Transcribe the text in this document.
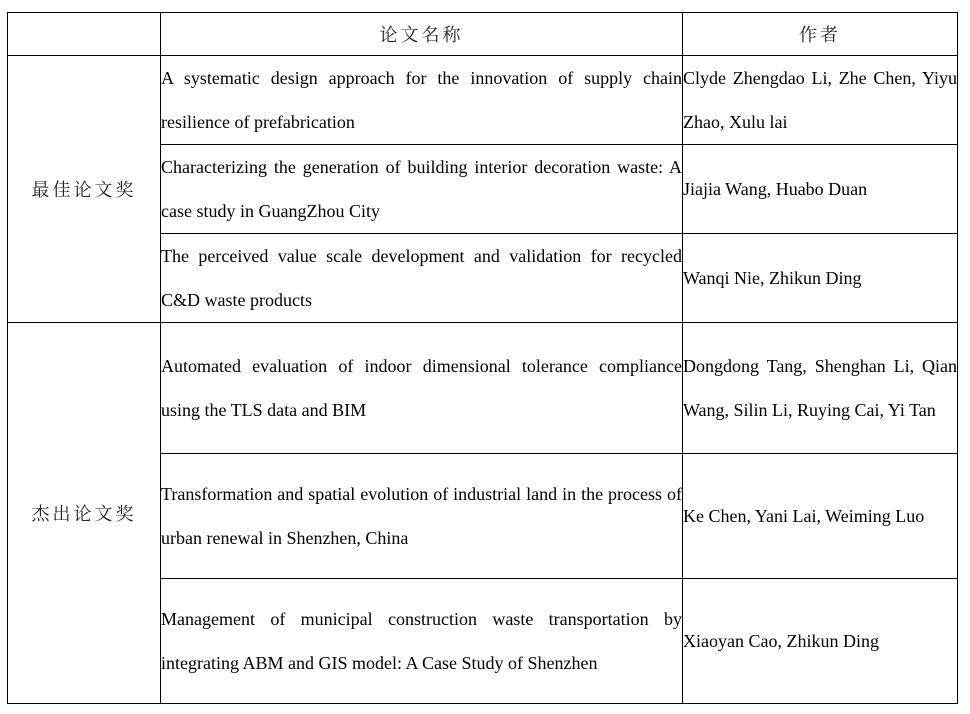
	论文名称	作者
最佳论文奖	A systematic design approach for the innovation of supply chain resilience of prefabrication	Clyde Zhengdao Li, Zhe Chen, Yiyu Zhao, Xulu lai
	Characterizing the generation of building interior decoration waste: A case study in GuangZhou City	Jiajia Wang, Huabo Duan
	The perceived value scale development and validation for recycled C&D waste products	Wanqi Nie, Zhikun Ding
杰出论文奖	Automated evaluation of indoor dimensional tolerance compliance using the TLS data and BIM	Dongdong Tang, Shenghan Li, Qian Wang, Silin Li, Ruying Cai, Yi Tan
	Transformation and spatial evolution of industrial land in the process of urban renewal in Shenzhen, China	Ke Chen, Yani Lai, Weiming Luo
	Management of municipal construction waste transportation by integrating ABM and GIS model: A Case Study of Shenzhen	Xiaoyan Cao, Zhikun Ding
